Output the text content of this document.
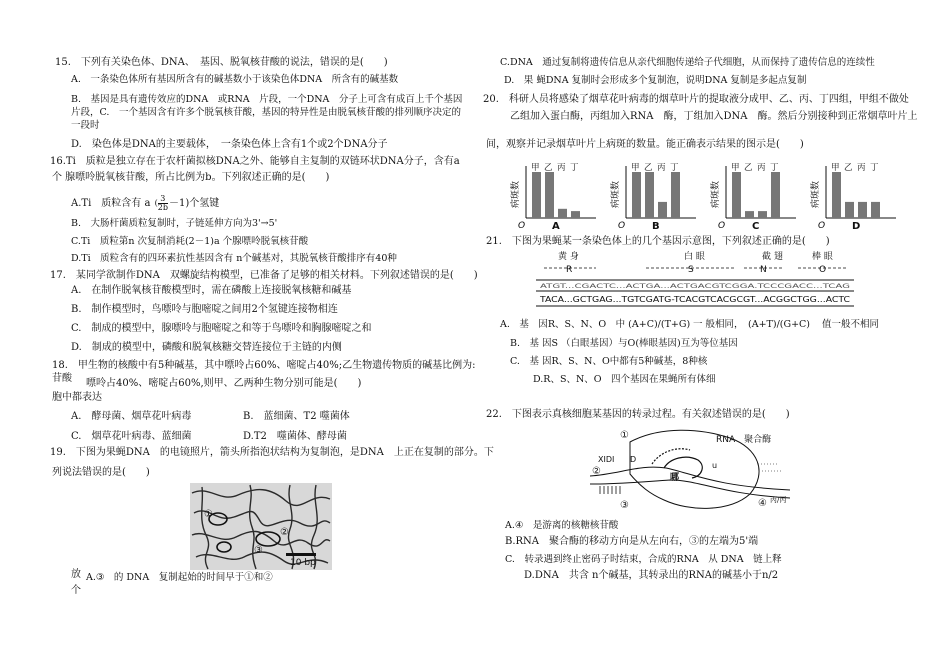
15.　下列有关染色体、DNA、　基因、脱氧核苷酸的说法，错误的是(　　)
A.　一条染色体所有基因所含有的碱基数小于该染色体DNA　所含有的碱基数
B.　基因是具有遗传效应的DNA　或RNA　片段，一个DNA　分子上可含有成百上千个基因
片段，C.　一个基因含有许多个脱氧核苷酸，基因的特异性是由脱氧核苷酸的排列顺序决定的
一段时
D.　染色体是DNA的主要载体，　一条染色体上含有1个或2个DNA分子
16.Ti　质粒是独立存在于农杆菌拟核DNA之外、能够自主复制的双链环状DNA分子，含有a
个 腺嘌呤脱氧核苷酸，所占比例为b。下列叙述正确的是(　　)
A.Ti　质粒含有 a ( $\frac{3}{2b} -1$)个氢键
B.　大肠杆菌质粒复制时，子链延伸方向为3'→5'
C.Ti　质粒第n 次复制消耗(2－1)a 个腺嘌呤脱氧核苷酸
D.Ti　质粒含有的四环素抗性基因含有 n个碱基对，其脱氧核苷酸排序有40种
17.　某同学欲制作DNA　双螺旋结构模型，已准备了足够的相关材料。下列叙述错误的是(　　)
A.　在制作脱氧核苷酸模型时，需在磷酸上连接脱氧核糖和碱基
B.　制作模型时，鸟嘌呤与胞嘧啶之间用2个氢键连接物相连
C.　制成的模型中，腺嘌呤与胞嘧啶之和等于鸟嘌呤和胸腺嘧啶之和
D.　制成的模型中，磷酸和脱氧核糖交替连接位于主链的内侧
18.　甲生物的核酸中有5种碱基，其中嘌呤占60%、嘧啶占40%;乙生物遗传物质的碱基比例为:
苷酸 嘌呤占40%、嘧啶占60%,则甲、乙两种生物分别可能是(　　)
胞中都表达
A.　酵母菌、烟草花叶病毒	B.　蓝细菌、T2 噬菌体
C.　烟草花叶病毒、蓝细菌	D.T2　噬菌体、酵母菌
19.　下图为果蝇DNA　的电镜照片，箭头所指泡状结构为复制泡，是DNA　上正在复制的部分。下
列说法错误的是(　　)
10 bp
①
②
③
放
个
A.③　的 DNA　复制起始的时间早于①和②
C.DNA　通过复制将遗传信息从亲代细胞传递给子代细胞，从而保持了遗传信息的连续性
D.　果 蝇DNA 复制时会形成多个复制泡，说明DNA 复制是多起点复制
20.　科研人员将感染了烟草花叶病毒的烟草叶片的提取液分成甲、乙、丙、丁四组，甲组不做处
乙组加入蛋白酶，丙组加入RNA　酶，丁组加入DNA　酶。然后分别接种到正常烟草叶片上
间，观察并记录烟草叶片上病斑的数量。能正确表示结果的图示是(　　)
病斑数
O
甲 乙 丙 丁
A
病斑数
O
甲 乙 丙 丁
B
病斑数
O
甲 乙 丙 丁
C
病斑数
O
甲 乙 丙 丁
D
21.　下图为果蝇某一条染色体上的几个基因示意图，下列叙述正确的是(　　)
黄 身	白 眼	截 翅	棒 眼
R	S	N	O
ATGT...CGACTC...ACTGA...ACTGACGTCGGA.TCCCGACC...TCAG
TACA...GCTGAG...TGTCGATG-TCACGTCACGCGT...ACGGCTGG...ACTC
A.　基　因R、S、N、O　中 (A+C)/(T+G) 一 般相同， (A+T)/(G+C) 值一般不相同
B.　基 因S （白眼基因）与O(棒眼基因)互为等位基因
C.　基 因R、S、N、O中都有5种碱基，8种核
D.R、S、N、O　四个基因在果蝇所有体细
22.　下图表示真核细胞某基因的转录过程。有关叙述错误的是(　　)
①
②
③	④
RNA　聚合酶
XIDI D
哪
u
丙/丙
A.④　是游离的核糖核苷酸
B.RNA　聚合酶的移动方向是从左向右，③的左端为5'端
C.　转录遇到终止密码子时结束，合成的RNA　从 DNA　链上释
D.DNA　共含 n个碱基，其转录出的RNA的碱基小于n/2
